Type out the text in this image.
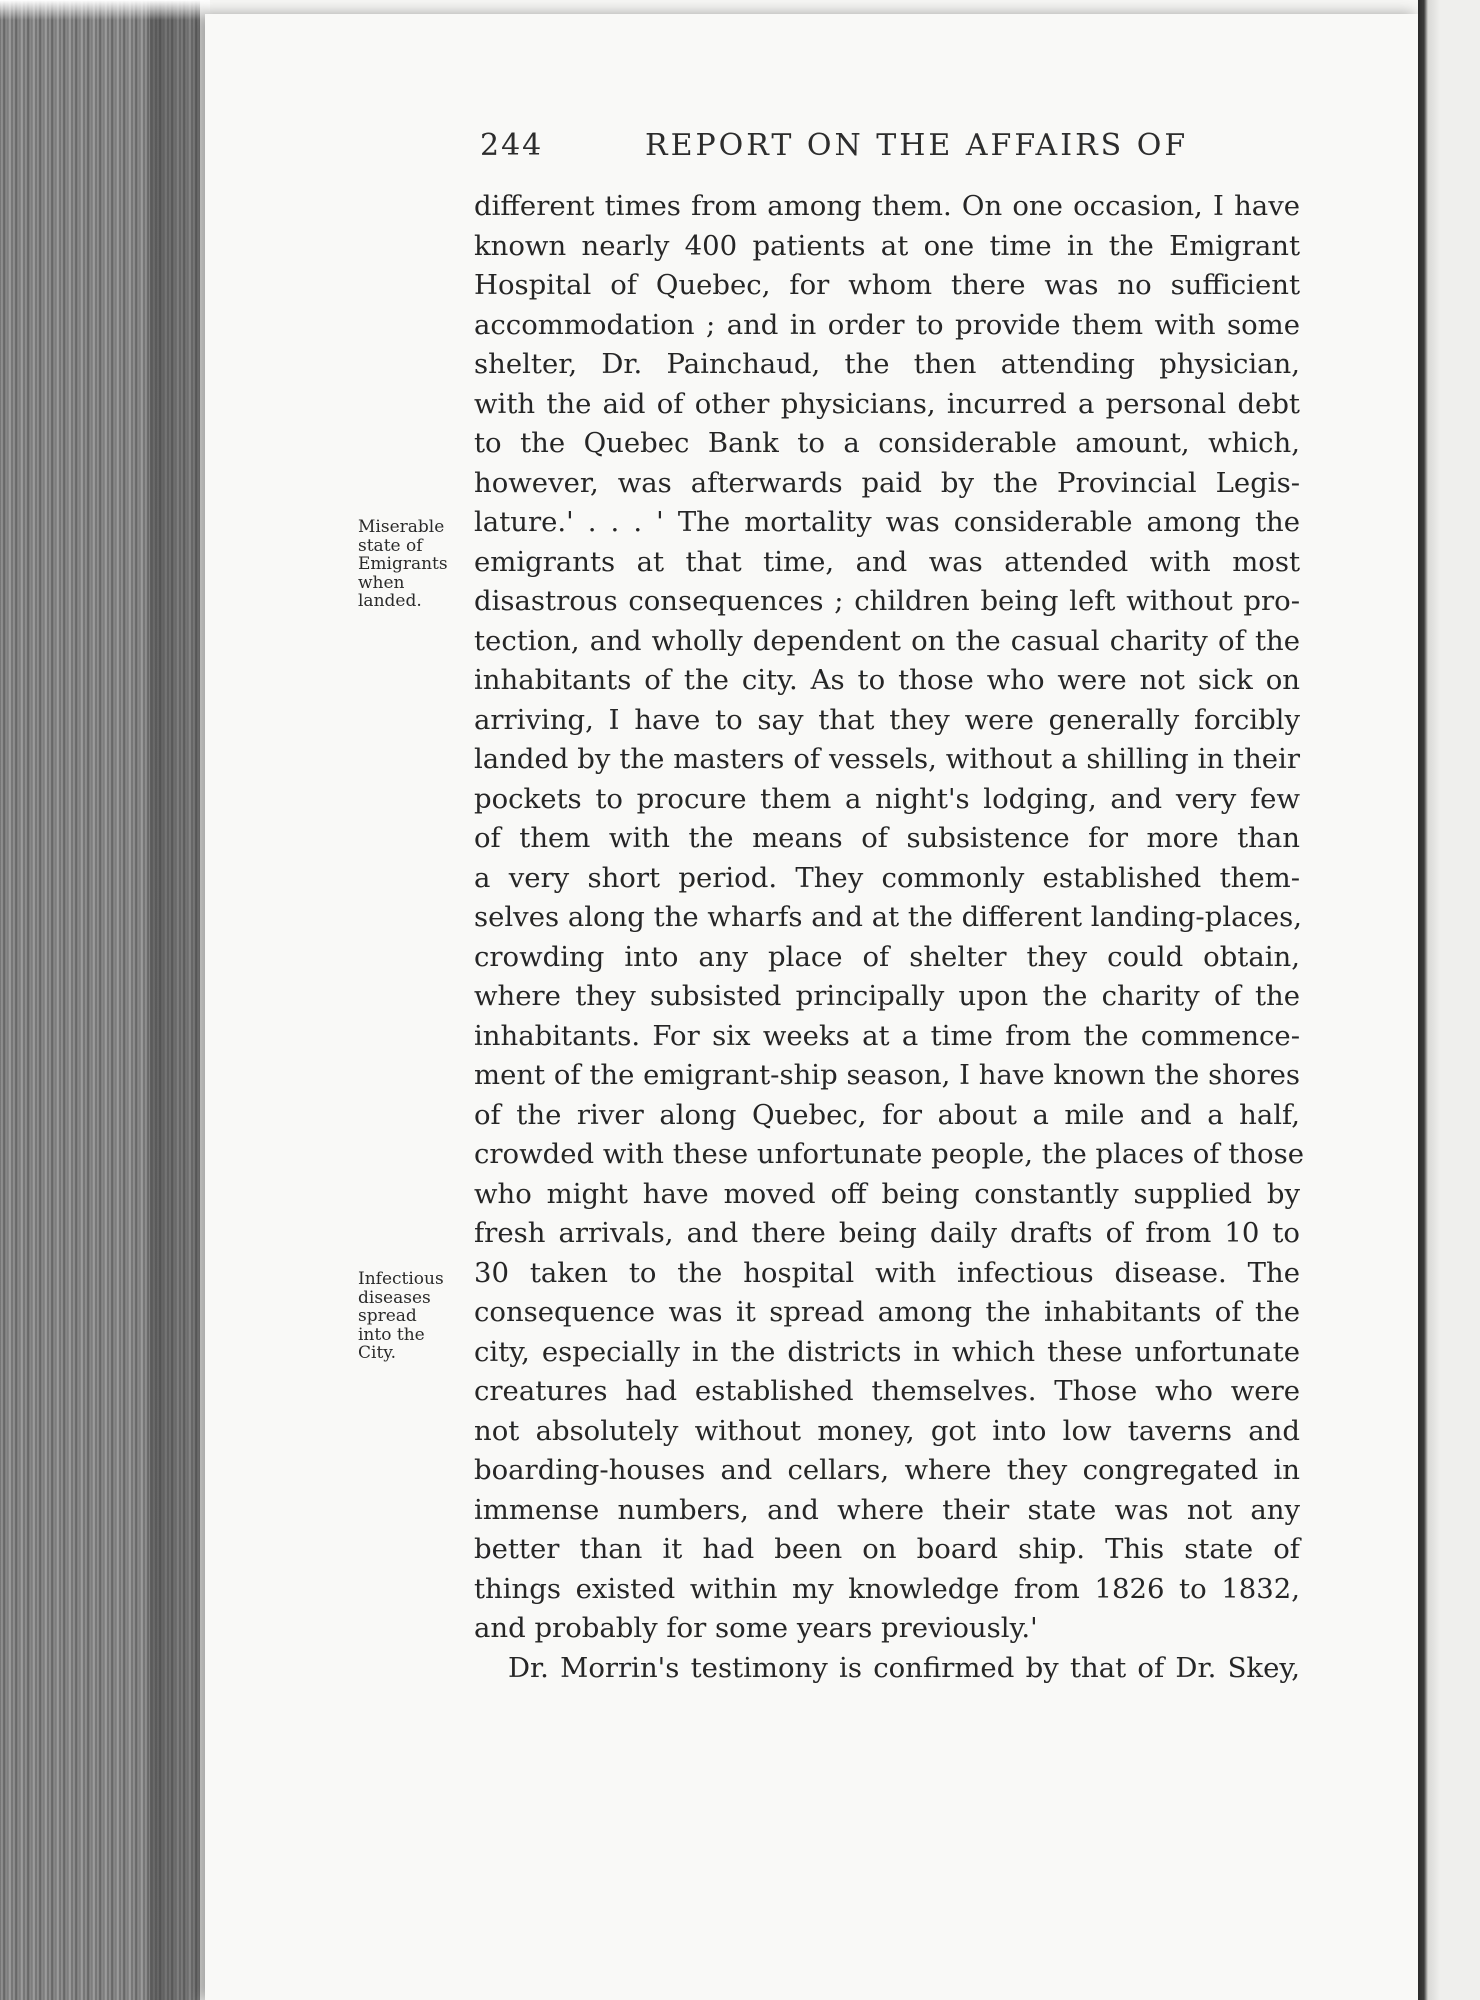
244	REPORT ON THE AFFAIRS OF
Miserable
state of
Emigrants
when
landed.
Infectious
diseases
spread
into the
City.
different times from among them. On one occasion, I have
known nearly 400 patients at one time in the Emigrant
Hospital of Quebec, for whom there was no sufficient
accommodation ; and in order to provide them with some
shelter, Dr. Painchaud, the then attending physician,
with the aid of other physicians, incurred a personal debt
to the Quebec Bank to a considerable amount, which,
however, was afterwards paid by the Provincial Legis-
lature.' . . . ' The mortality was considerable among the
emigrants at that time, and was attended with most
disastrous consequences ; children being left without pro-
tection, and wholly dependent on the casual charity of the
inhabitants of the city. As to those who were not sick on
arriving, I have to say that they were generally forcibly
landed by the masters of vessels, without a shilling in their
pockets to procure them a night's lodging, and very few
of them with the means of subsistence for more than
a very short period. They commonly established them-
selves along the wharfs and at the different landing-places,
crowding into any place of shelter they could obtain,
where they subsisted principally upon the charity of the
inhabitants. For six weeks at a time from the commence-
ment of the emigrant-ship season, I have known the shores
of the river along Quebec, for about a mile and a half,
crowded with these unfortunate people, the places of those
who might have moved off being constantly supplied by
fresh arrivals, and there being daily drafts of from 10 to
30 taken to the hospital with infectious disease. The
consequence was it spread among the inhabitants of the
city, especially in the districts in which these unfortunate
creatures had established themselves. Those who were
not absolutely without money, got into low taverns and
boarding-houses and cellars, where they congregated in
immense numbers, and where their state was not any
better than it had been on board ship. This state of
things existed within my knowledge from 1826 to 1832,
and probably for some years previously.'
Dr. Morrin's testimony is confirmed by that of Dr. Skey,
